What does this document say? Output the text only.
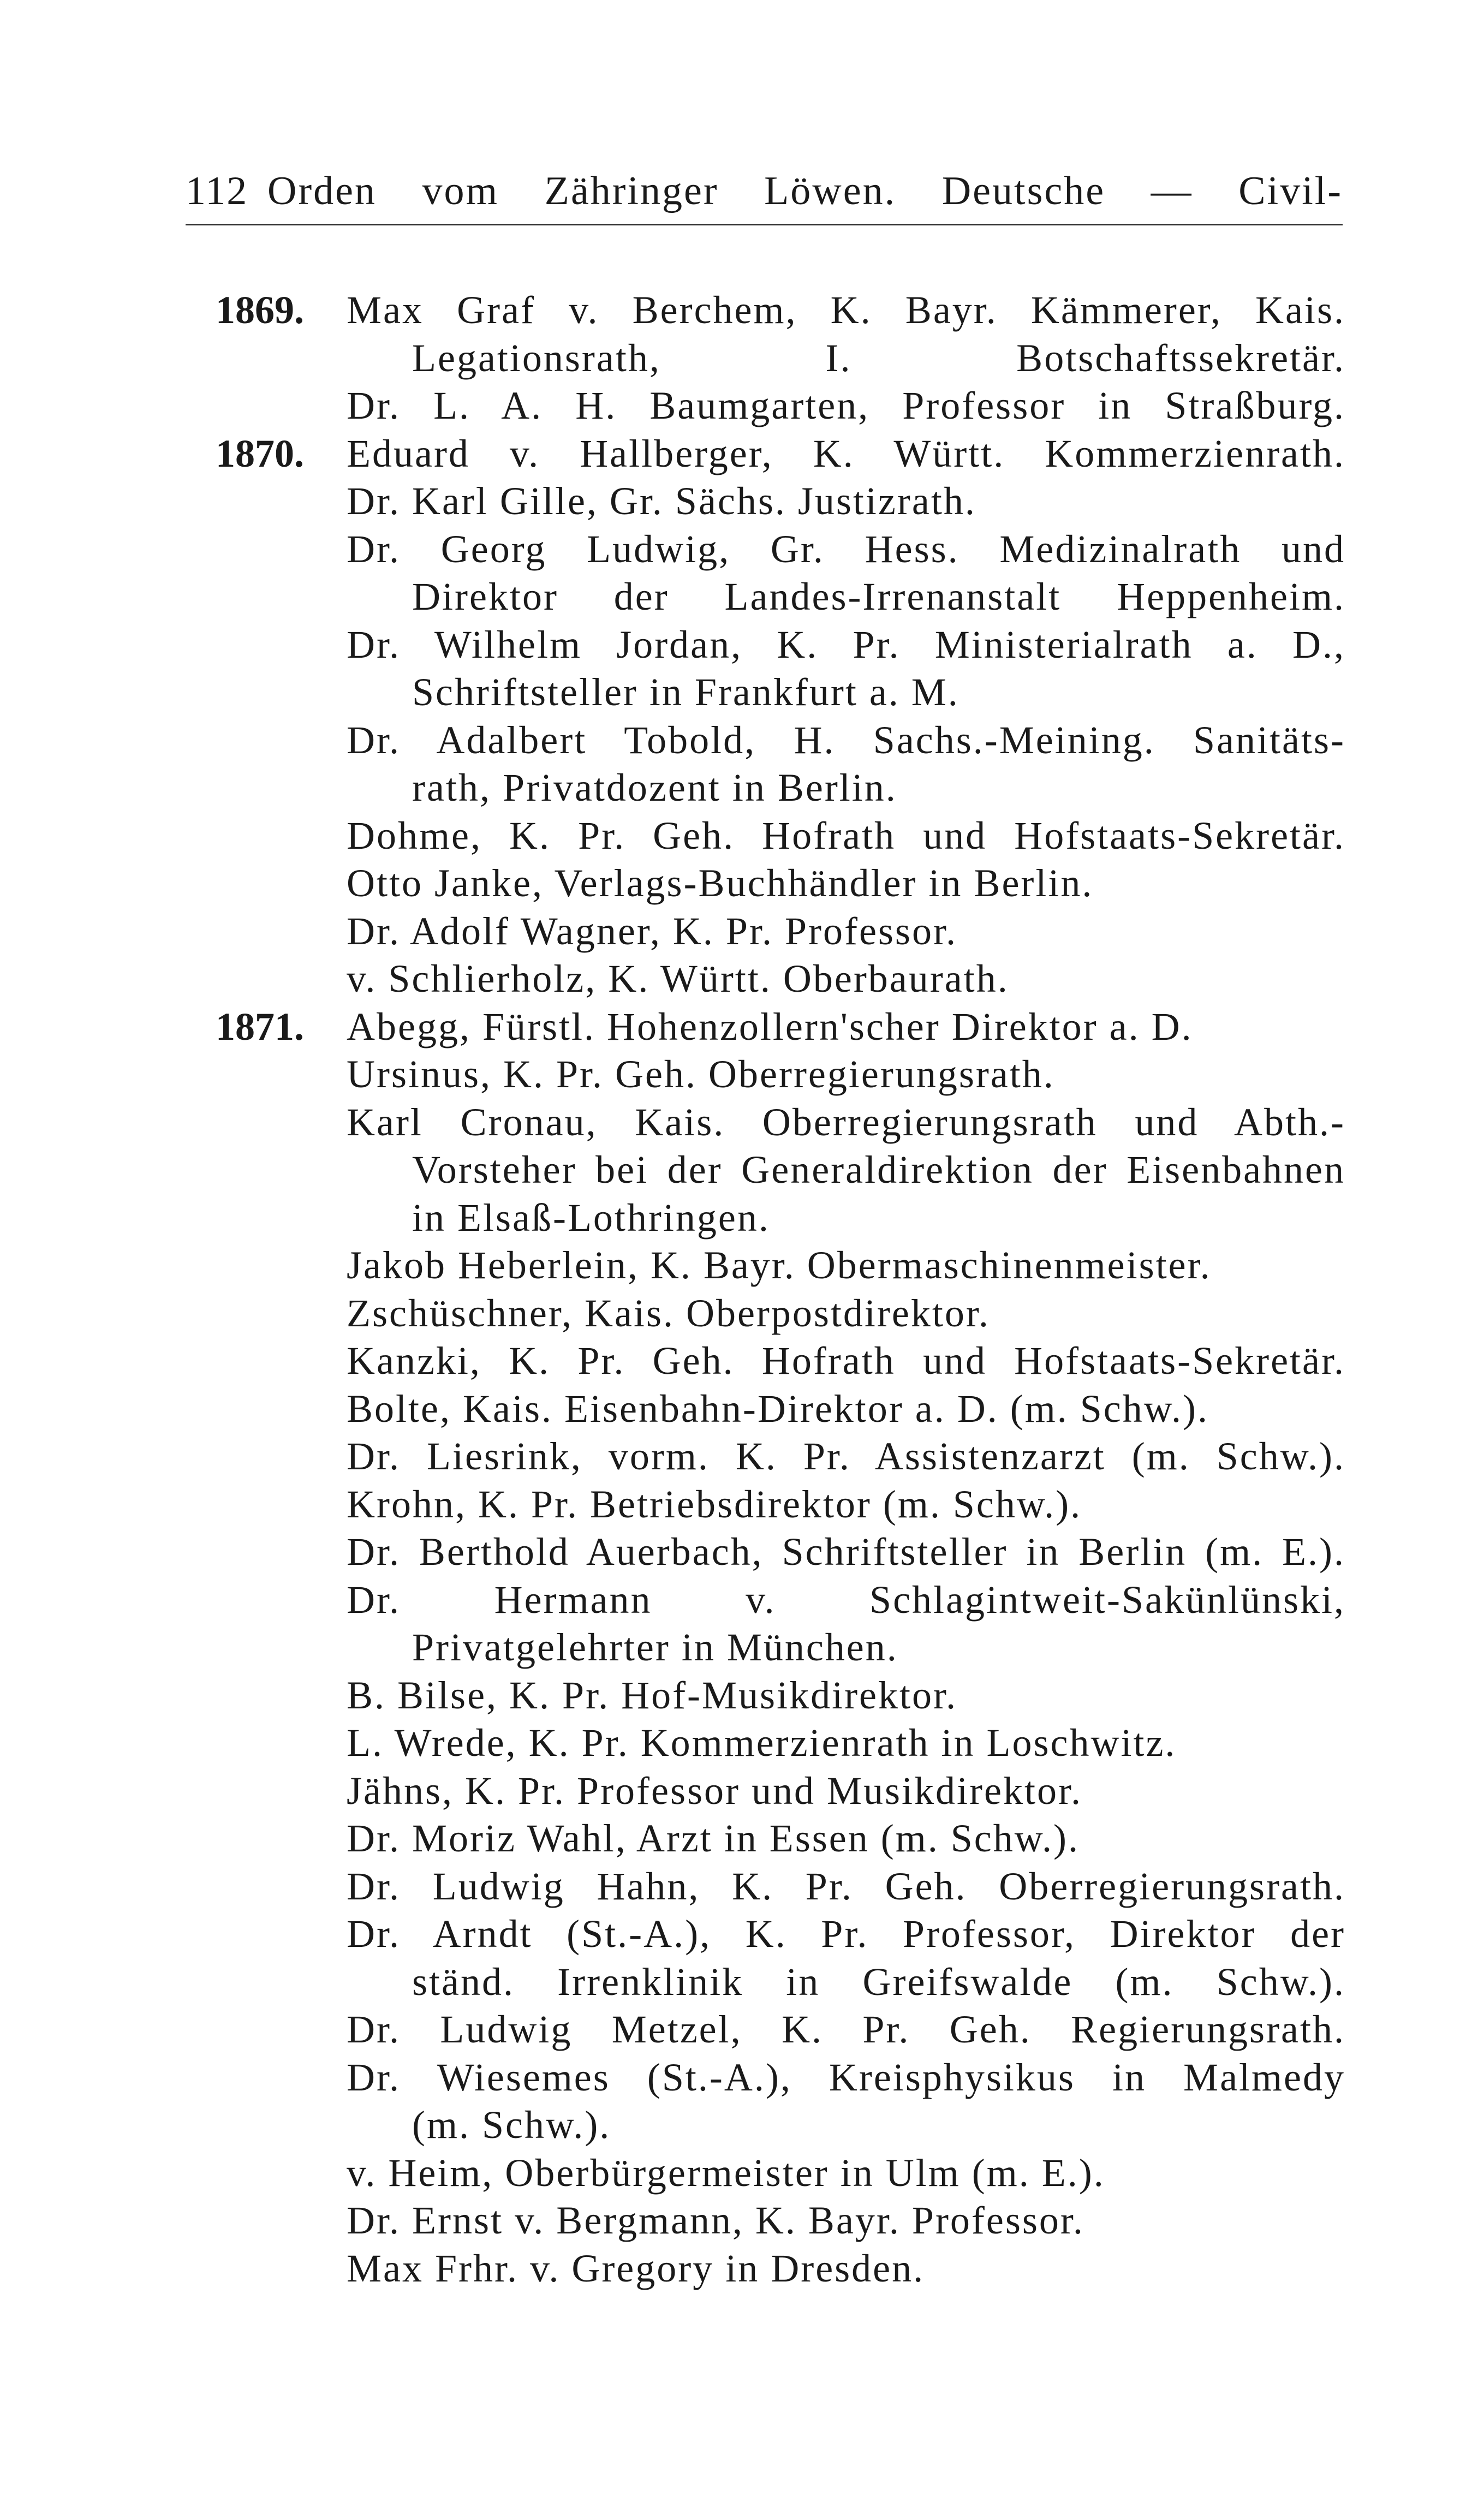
112 Orden vom Zähringer Löwen. Deutsche — Civil-
1869. Max Graf v. Berchem, K. Bayr. Kämmerer, Kais.
Legationsrath, I. Botschaftssekretär.
Dr. L. A. H. Baumgarten, Professor in Straßburg.
1870. Eduard v. Hallberger, K. Württ. Kommerzienrath.
Dr. Karl Gille, Gr. Sächs. Justizrath.
Dr. Georg Ludwig, Gr. Hess. Medizinalrath und
Direktor der Landes-Irrenanstalt Heppenheim.
Dr. Wilhelm Jordan, K. Pr. Ministerialrath a. D.,
Schriftsteller in Frankfurt a. M.
Dr. Adalbert Tobold, H. Sachs.-Meining. Sanitäts-
rath, Privatdozent in Berlin.
Dohme, K. Pr. Geh. Hofrath und Hofstaats-Sekretär.
Otto Janke, Verlags-Buchhändler in Berlin.
Dr. Adolf Wagner, K. Pr. Professor.
v. Schlierholz, K. Württ. Oberbaurath.
1871. Abegg, Fürstl. Hohenzollern'scher Direktor a. D.
Ursinus, K. Pr. Geh. Oberregierungsrath.
Karl Cronau, Kais. Oberregierungsrath und Abth.-
Vorsteher bei der Generaldirektion der Eisenbahnen
in Elsaß-Lothringen.
Jakob Heberlein, K. Bayr. Obermaschinenmeister.
Zschüschner, Kais. Oberpostdirektor.
Kanzki, K. Pr. Geh. Hofrath und Hofstaats-Sekretär.
Bolte, Kais. Eisenbahn-Direktor a. D. (m. Schw.).
Dr. Liesrink, vorm. K. Pr. Assistenzarzt (m. Schw.).
Krohn, K. Pr. Betriebsdirektor (m. Schw.).
Dr. Berthold Auerbach, Schriftsteller in Berlin (m. E.).
Dr. Hermann v. Schlagintweit-Sakünlünski,
Privatgelehrter in München.
B. Bilse, K. Pr. Hof-Musikdirektor.
L. Wrede, K. Pr. Kommerzienrath in Loschwitz.
Jähns, K. Pr. Professor und Musikdirektor.
Dr. Moriz Wahl, Arzt in Essen (m. Schw.).
Dr. Ludwig Hahn, K. Pr. Geh. Oberregierungsrath.
Dr. Arndt (St.-A.), K. Pr. Professor, Direktor der
ständ. Irrenklinik in Greifswalde (m. Schw.).
Dr. Ludwig Metzel, K. Pr. Geh. Regierungsrath.
Dr. Wiesemes (St.-A.), Kreisphysikus in Malmedy
(m. Schw.).
v. Heim, Oberbürgermeister in Ulm (m. E.).
Dr. Ernst v. Bergmann, K. Bayr. Professor.
Max Frhr. v. Gregory in Dresden.
